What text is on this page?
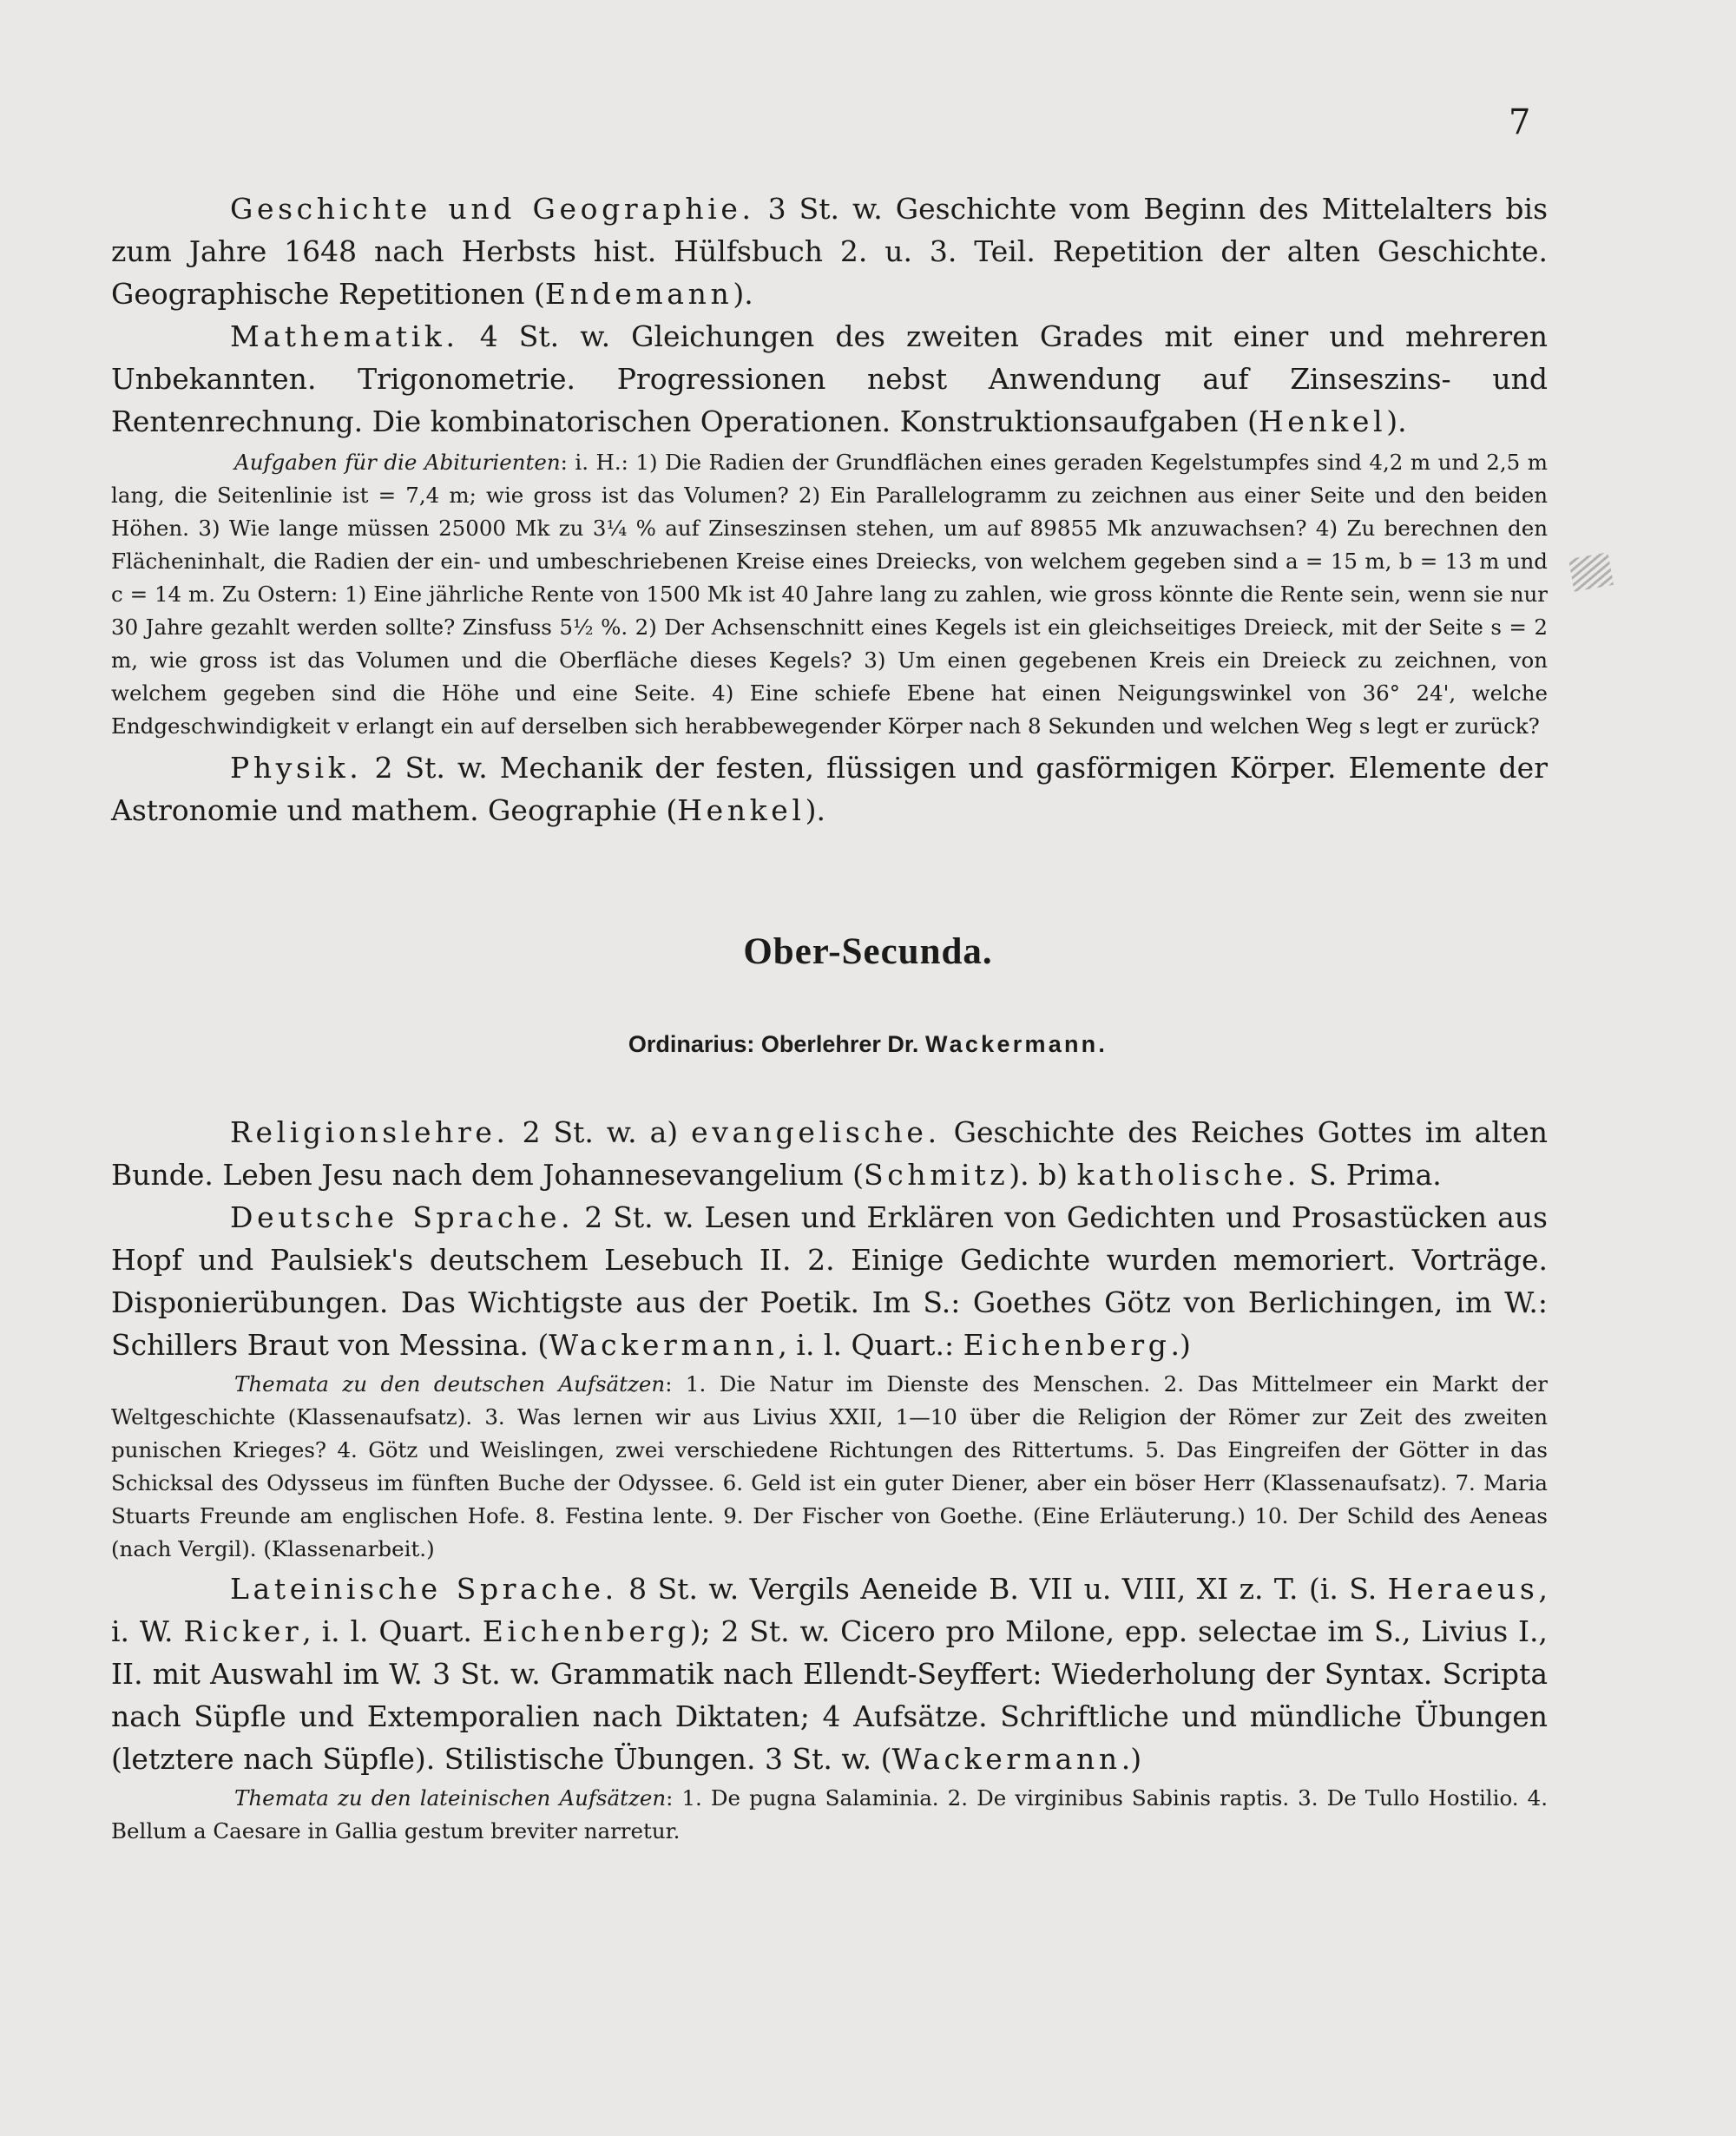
7

Geschichte und Geographie. 3 St. w. Geschichte vom Beginn des Mittelalters bis zum Jahre 1648 nach Herbsts hist. Hülfsbuch 2. u. 3. Teil. Repetition der alten Geschichte. Geographische Repetitionen (Endemann).

Mathematik. 4 St. w. Gleichungen des zweiten Grades mit einer und mehreren Unbekannten. Trigonometrie. Progressionen nebst Anwendung auf Zinseszins- und Rentenrechnung. Die kombinatorischen Operationen. Konstruktionsaufgaben (Henkel).

Aufgaben für die Abiturienten: i. H.: 1) Die Radien der Grundflächen eines geraden Kegelstumpfes sind 4,2 m und 2,5 m lang, die Seitenlinie ist = 7,4 m; wie gross ist das Volumen? 2) Ein Parallelogramm zu zeichnen aus einer Seite und den beiden Höhen. 3) Wie lange müssen 25000 Mk zu 3¼ % auf Zinseszinsen stehen, um auf 89855 Mk anzuwachsen? 4) Zu berechnen den Flächeninhalt, die Radien der ein- und umbeschriebenen Kreise eines Dreiecks, von welchem gegeben sind a = 15 m, b = 13 m und c = 14 m. Zu Ostern: 1) Eine jährliche Rente von 1500 Mk ist 40 Jahre lang zu zahlen, wie gross könnte die Rente sein, wenn sie nur 30 Jahre gezahlt werden sollte? Zinsfuss 5½ %. 2) Der Achsenschnitt eines Kegels ist ein gleichseitiges Dreieck, mit der Seite s = 2 m, wie gross ist das Volumen und die Oberfläche dieses Kegels? 3) Um einen gegebenen Kreis ein Dreieck zu zeichnen, von welchem gegeben sind die Höhe und eine Seite. 4) Eine schiefe Ebene hat einen Neigungswinkel von 36° 24', welche Endgeschwindigkeit v erlangt ein auf derselben sich herabbewegender Körper nach 8 Sekunden und welchen Weg s legt er zurück?

Physik. 2 St. w. Mechanik der festen, flüssigen und gasförmigen Körper. Elemente der Astronomie und mathem. Geographie (Henkel).

Ober-Secunda.
Ordinarius: Oberlehrer Dr. Wackermann.

Religionslehre. 2 St. w. a) evangelische. Geschichte des Reiches Gottes im alten Bunde. Leben Jesu nach dem Johannesevangelium (Schmitz). b) katholische. S. Prima.

Deutsche Sprache. 2 St. w. Lesen und Erklären von Gedichten und Prosastücken aus Hopf und Paulsiek's deutschem Lesebuch II. 2. Einige Gedichte wurden memoriert. Vorträge. Disponierübungen. Das Wichtigste aus der Poetik. Im S.: Goethes Götz von Berlichingen, im W.: Schillers Braut von Messina. (Wackermann, i. l. Quart.: Eichenberg.)

Themata zu den deutschen Aufsätzen: 1. Die Natur im Dienste des Menschen. 2. Das Mittelmeer ein Markt der Weltgeschichte (Klassenaufsatz). 3. Was lernen wir aus Livius XXII, 1—10 über die Religion der Römer zur Zeit des zweiten punischen Krieges? 4. Götz und Weislingen, zwei verschiedene Richtungen des Rittertums. 5. Das Eingreifen der Götter in das Schicksal des Odysseus im fünften Buche der Odyssee. 6. Geld ist ein guter Diener, aber ein böser Herr (Klassenaufsatz). 7. Maria Stuarts Freunde am englischen Hofe. 8. Festina lente. 9. Der Fischer von Goethe. (Eine Erläuterung.) 10. Der Schild des Aeneas (nach Vergil). (Klassenarbeit.)

Lateinische Sprache. 8 St. w. Vergils Aeneide B. VII u. VIII, XI z. T. (i. S. Heraeus, i. W. Ricker, i. l. Quart. Eichenberg); 2 St. w. Cicero pro Milone, epp. selectae im S., Livius I., II. mit Auswahl im W. 3 St. w. Grammatik nach Ellendt-Seyffert: Wiederholung der Syntax. Scripta nach Süpfle und Extemporalien nach Diktaten; 4 Aufsätze. Schriftliche und mündliche Übungen (letztere nach Süpfle). Stilistische Übungen. 3 St. w. (Wackermann.)

Themata zu den lateinischen Aufsätzen: 1. De pugna Salaminia. 2. De virginibus Sabinis raptis. 3. De Tullo Hostilio. 4. Bellum a Caesare in Gallia gestum breviter narretur.
